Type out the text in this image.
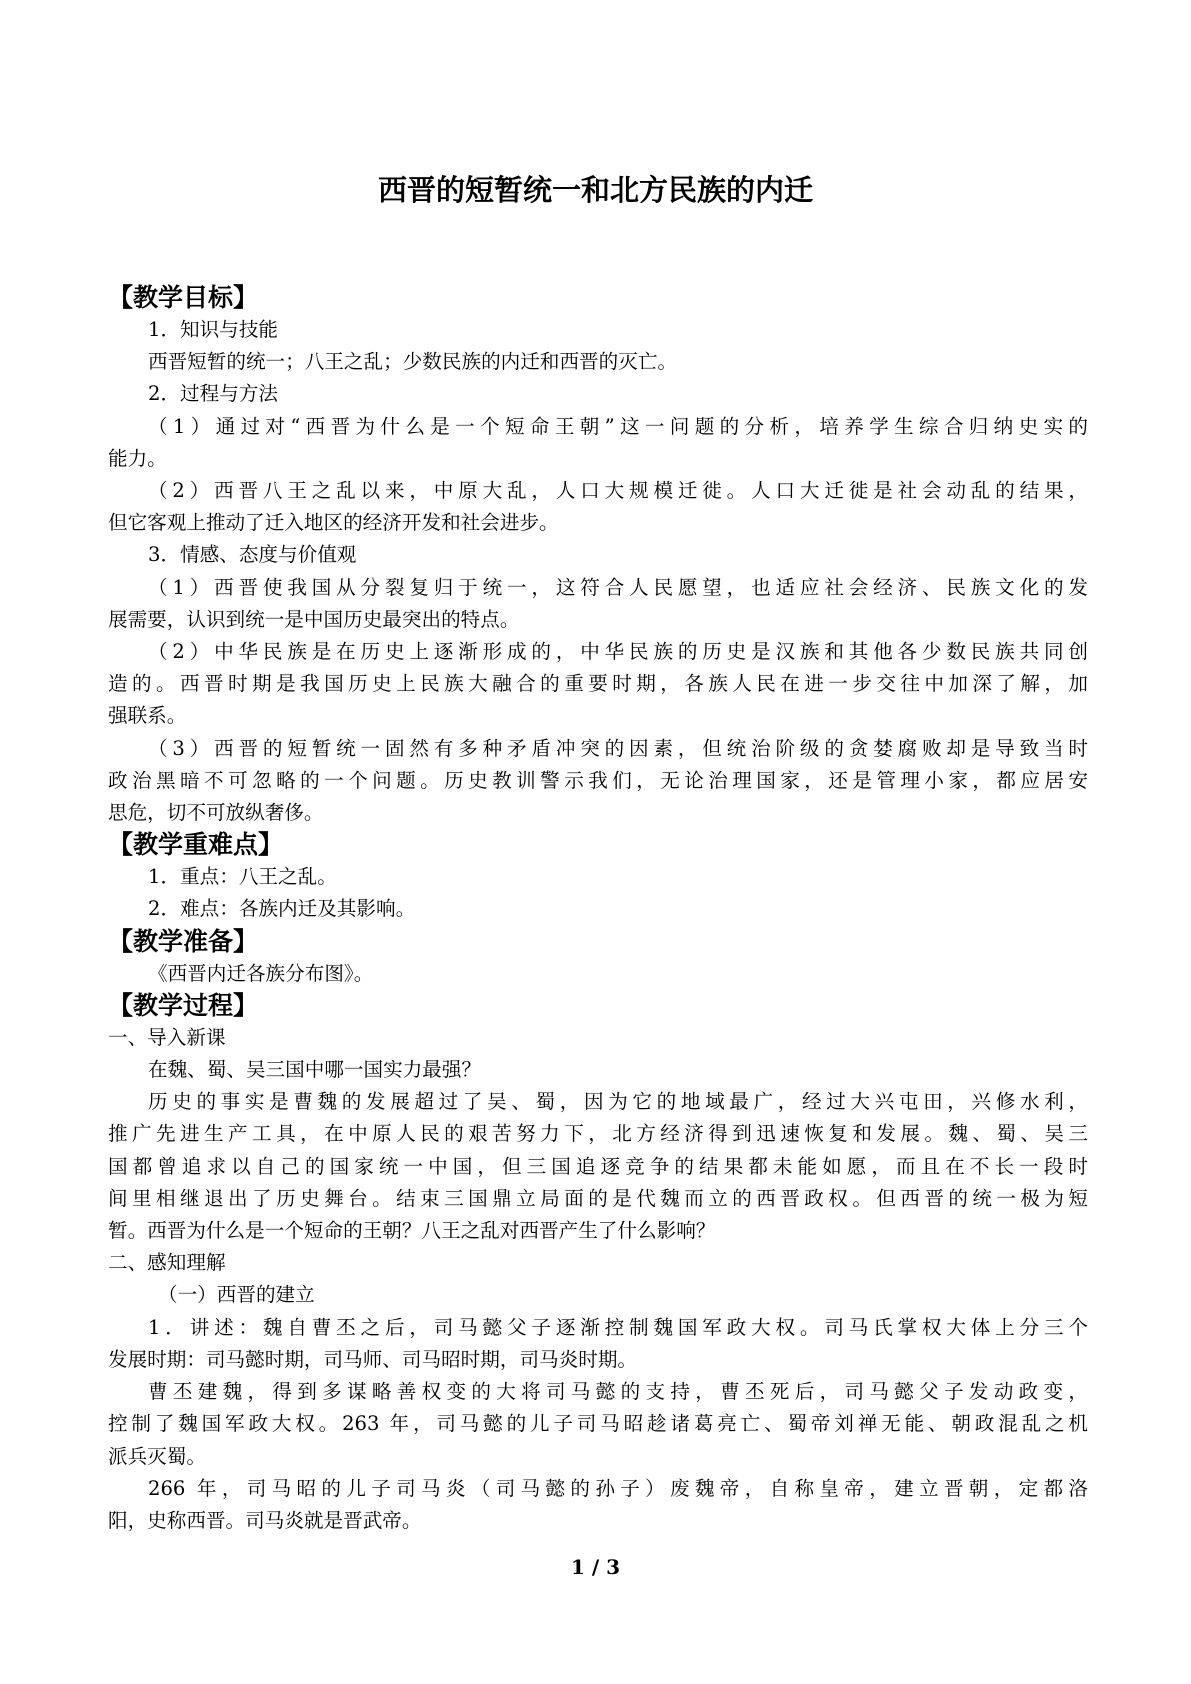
西晋的短暂统一和北方民族的内迁
【教学目标】
1．知识与技能
西晋短暂的统一；八王之乱；少数民族的内迁和西晋的灭亡。
2．过程与方法
（1）通过对“西晋为什么是一个短命王朝”这一问题的分析，培养学生综合归纳史实的
能力。
（2）西晋八王之乱以来，中原大乱，人口大规模迁徙。人口大迁徙是社会动乱的结果，
但它客观上推动了迁入地区的经济开发和社会进步。
3．情感、态度与价值观
（1）西晋使我国从分裂复归于统一，这符合人民愿望，也适应社会经济、民族文化的发
展需要，认识到统一是中国历史最突出的特点。
（2）中华民族是在历史上逐渐形成的，中华民族的历史是汉族和其他各少数民族共同创
造的。西晋时期是我国历史上民族大融合的重要时期，各族人民在进一步交往中加深了解，加
强联系。
（3）西晋的短暂统一固然有多种矛盾冲突的因素，但统治阶级的贪婪腐败却是导致当时
政治黑暗不可忽略的一个问题。历史教训警示我们，无论治理国家，还是管理小家，都应居安
思危，切不可放纵奢侈。
【教学重难点】
1．重点：八王之乱。
2．难点：各族内迁及其影响。
【教学准备】
《西晋内迁各族分布图》。
【教学过程】
一、导入新课
在魏、蜀、吴三国中哪一国实力最强？
历史的事实是曹魏的发展超过了吴、蜀，因为它的地域最广，经过大兴屯田，兴修水利，
推广先进生产工具，在中原人民的艰苦努力下，北方经济得到迅速恢复和发展。魏、蜀、吴三
国都曾追求以自己的国家统一中国，但三国追逐竞争的结果都未能如愿，而且在不长一段时
间里相继退出了历史舞台。结束三国鼎立局面的是代魏而立的西晋政权。但西晋的统一极为短
暂。西晋为什么是一个短命的王朝？八王之乱对西晋产生了什么影响？
二、感知理解
（一）西晋的建立
1．讲述：魏自曹丕之后，司马懿父子逐渐控制魏国军政大权。司马氏掌权大体上分三个
发展时期：司马懿时期，司马师、司马昭时期，司马炎时期。
曹丕建魏，得到多谋略善权变的大将司马懿的支持，曹丕死后，司马懿父子发动政变，
控制了魏国军政大权。263 年，司马懿的儿子司马昭趁诸葛亮亡、蜀帝刘禅无能、朝政混乱之机
派兵灭蜀。
266 年，司马昭的儿子司马炎（司马懿的孙子）废魏帝，自称皇帝，建立晋朝，定都洛
阳，史称西晋。司马炎就是晋武帝。
1 / 3
